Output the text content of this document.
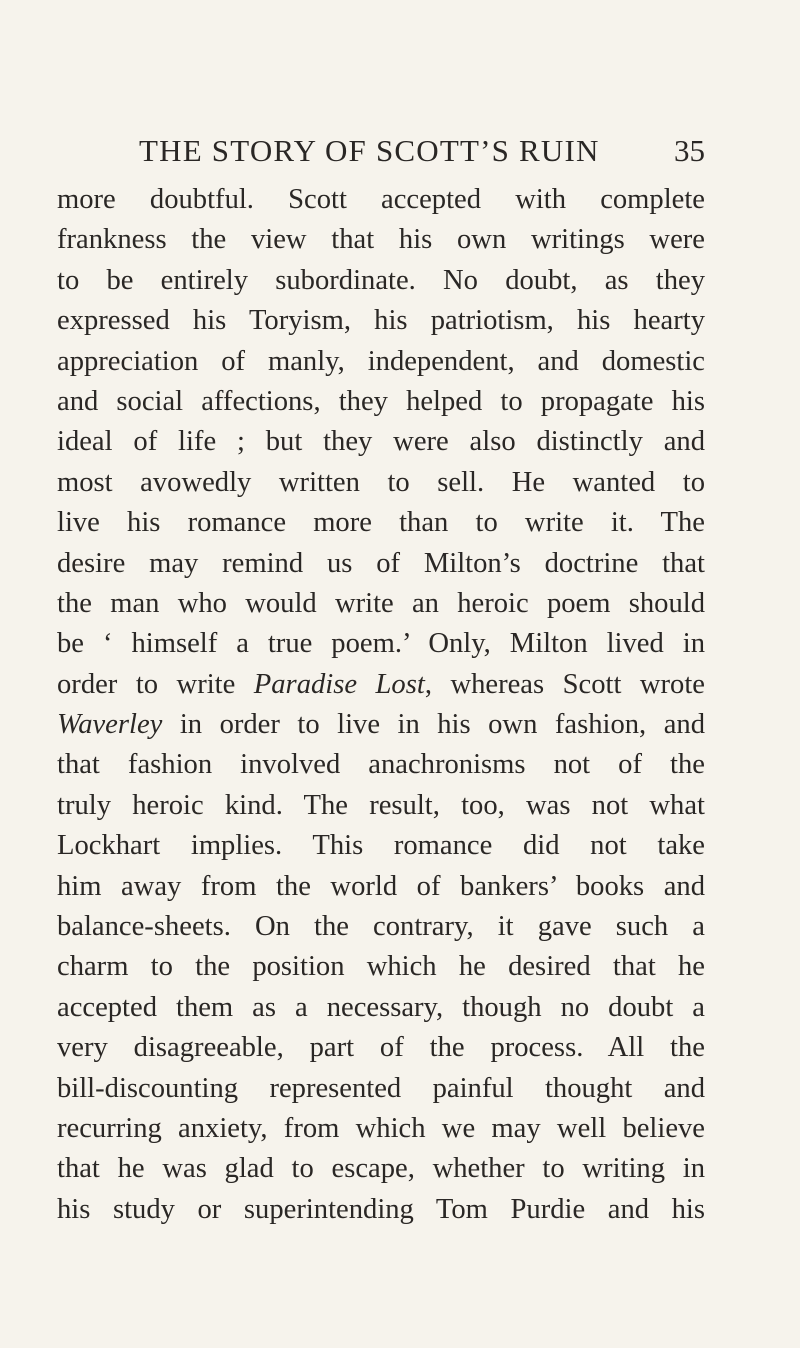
THE STORY OF SCOTT’S RUIN 35
more doubtful. Scott accepted with complete
frankness the view that his own writings were
to be entirely subordinate. No doubt, as they
expressed his Toryism, his patriotism, his hearty
appreciation of manly, independent, and domestic
and social affections, they helped to propagate his
ideal of life ; but they were also distinctly and
most avowedly written to sell. He wanted to
live his romance more than to write it. The
desire may remind us of Milton’s doctrine that
the man who would write an heroic poem should
be ‘ himself a true poem.’ Only, Milton lived in
order to write Paradise Lost, whereas Scott wrote
Waverley in order to live in his own fashion, and
that fashion involved anachronisms not of the
truly heroic kind. The result, too, was not what
Lockhart implies. This romance did not take
him away from the world of bankers’ books and
balance-sheets. On the contrary, it gave such a
charm to the position which he desired that he
accepted them as a necessary, though no doubt a
very disagreeable, part of the process. All the
bill-discounting represented painful thought and
recurring anxiety, from which we may well believe
that he was glad to escape, whether to writing in
his study or superintending Tom Purdie and his
